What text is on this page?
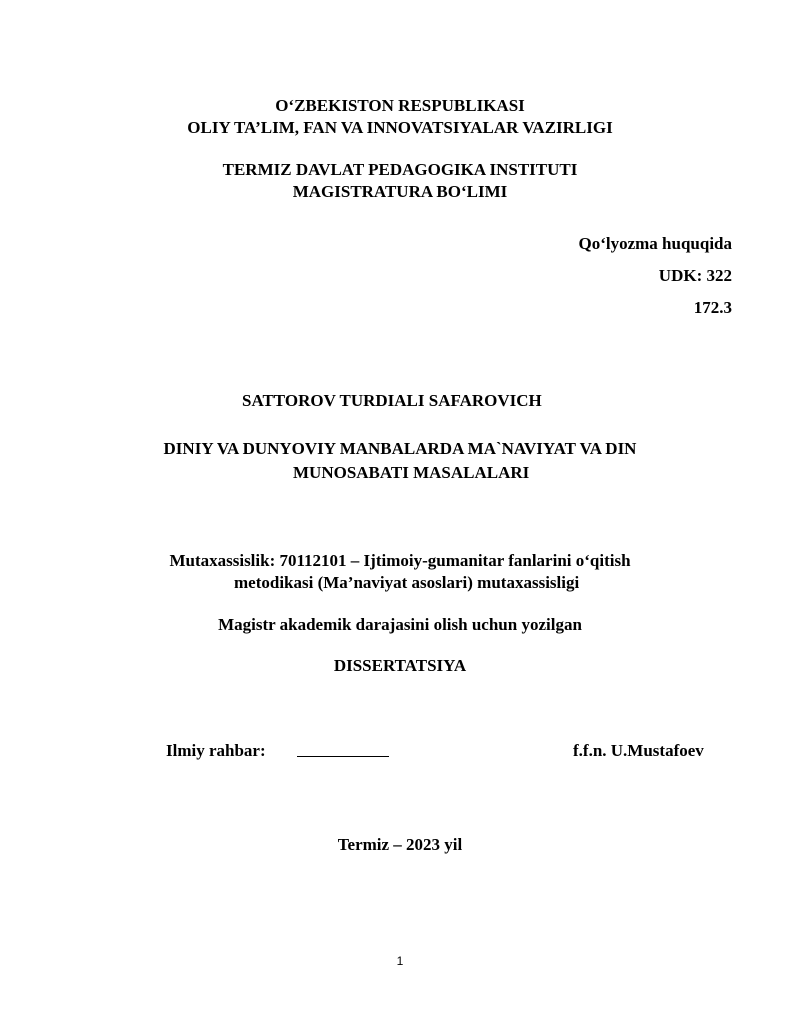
O‘ZBEKISTON RESPUBLIKASI
OLIY TA’LIM, FAN VA INNOVATSIYALAR VAZIRLIGI
TERMIZ DAVLAT PEDAGOGIKA INSTITUTI
MAGISTRATURA BO‘LIMI
Qo‘lyozma huquqida
UDK: 322
172.3
SATTOROV TURDIALI SAFAROVICH
DINIY VA DUNYOVIY MANBALARDA MA`NAVIYAT VA DIN
MUNOSABATI MASALALARI
Mutaxassislik: 70112101 – Ijtimoiy-gumanitar fanlarini o‘qitish
metodikasi (Ma’naviyat asoslari) mutaxassisligi
Magistr akademik darajasini olish uchun yozilgan
DISSERTATSIYA
Ilmiy rahbar:	f.f.n. U.Mustafoev
Termiz – 2023 yil
1
